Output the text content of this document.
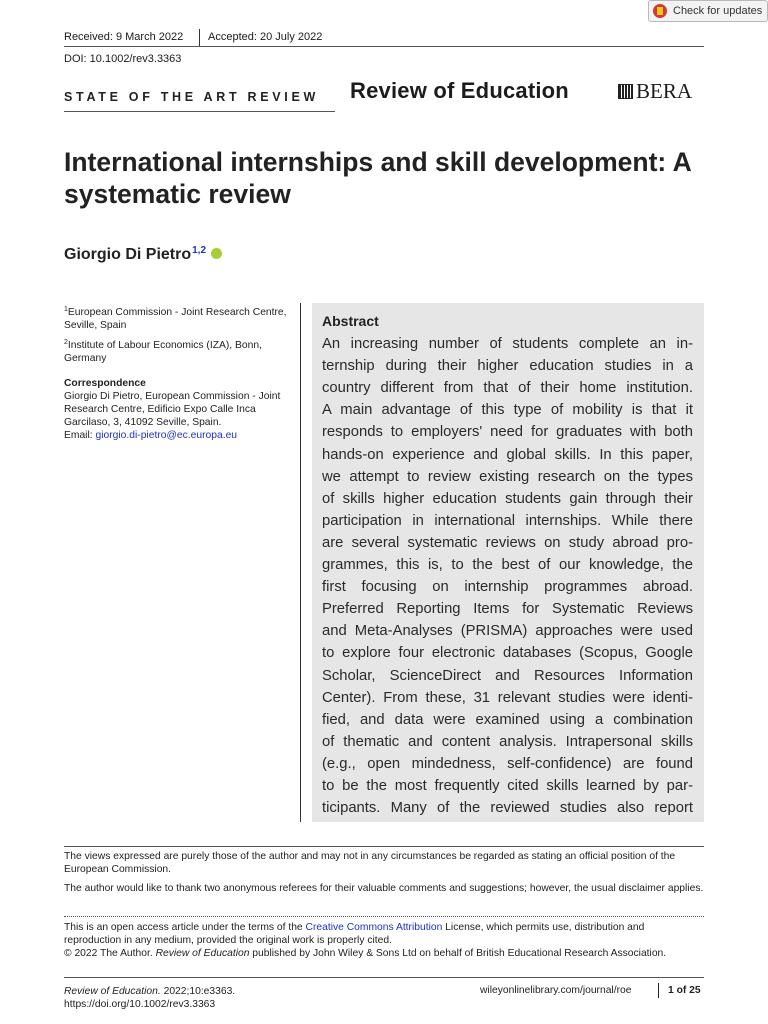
Check for updates
Received: 9 March 2022 Accepted: 20 July 2022
DOI: 10.1002/rev3.3363
STATE OF THE ART REVIEW Review of Education	BERA
International internships and skill development: A systematic review
Giorgio Di Pietro$^{1,2}$

$^1$European Commission - Joint Research Centre, Seville, Spain

$^2$Institute of Labour Economics (IZA), Bonn, Germany

Correspondence
Giorgio Di Pietro, European Commission - Joint Research Centre, Edificio Expo Calle Inca Garcilaso, 3, 41092 Seville, Spain.
Email: giorgio.di-pietro@ec.europa.eu
Abstract
An increasing number of students complete an in-
ternship during their higher education studies in a
country different from that of their home institution.
A main advantage of this type of mobility is that it
responds to employers' need for graduates with both
hands-on experience and global skills. In this paper,
we attempt to review existing research on the types
of skills higher education students gain through their
participation in international internships. While there
are several systematic reviews on study abroad pro-
grammes, this is, to the best of our knowledge, the
first focusing on internship programmes abroad.
Preferred Reporting Items for Systematic Reviews
and Meta-Analyses (PRISMA) approaches were used
to explore four electronic databases (Scopus, Google
Scholar, ScienceDirect and Resources Information
Center). From these, 31 relevant studies were identi-
fied, and data were examined using a combination
of thematic and content analysis. Intrapersonal skills
(e.g., open mindedness, self-confidence) are found
to be the most frequently cited skills learned by par-
ticipants. Many of the reviewed studies also report

The views expressed are purely those of the author and may not in any circumstances be regarded as stating an official position of the European Commission.

The author would like to thank two anonymous referees for their valuable comments and suggestions; however, the usual disclaimer applies.

This is an open access article under the terms of the Creative Commons Attribution License, which permits use, distribution and reproduction in any medium, provided the original work is properly cited.
© 2022 The Author. Review of Education published by John Wiley & Sons Ltd on behalf of British Educational Research Association.
Review of Education. 2022;10:e3363.
https://doi.org/10.1002/rev3.3363
wileyonlinelibrary.com/journal/roe	1 of 25
